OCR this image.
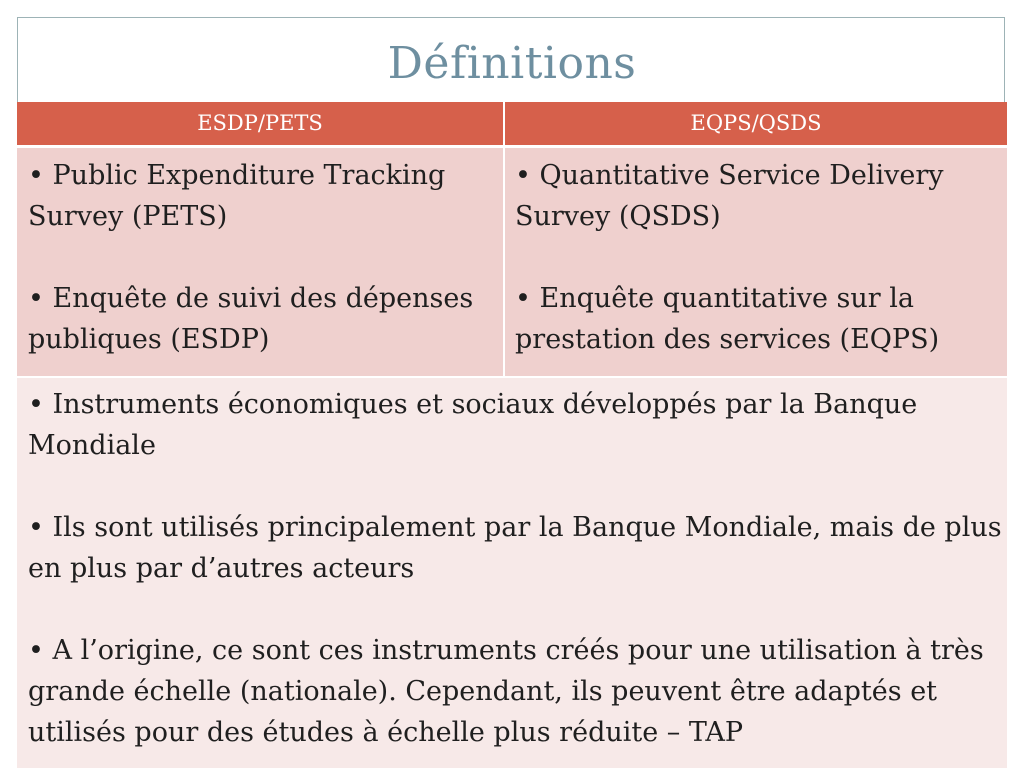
Définitions
ESDP/PETS	EQPS/QSDS

• Public Expenditure Tracking Survey (PETS)

• Enquête de suivi des dépenses publiques (ESDP)

• Quantitative Service Delivery Survey (QSDS)

• Enquête quantitative sur la prestation des services (EQPS)

• Instruments économiques et sociaux développés par la Banque Mondiale

• Ils sont utilisés principalement par la Banque Mondiale, mais de plus en plus par d’autres acteurs

• A l’origine, ce sont ces instruments créés pour une utilisation à très grande échelle (nationale). Cependant, ils peuvent être adaptés et utilisés pour des études à échelle plus réduite – TAP
